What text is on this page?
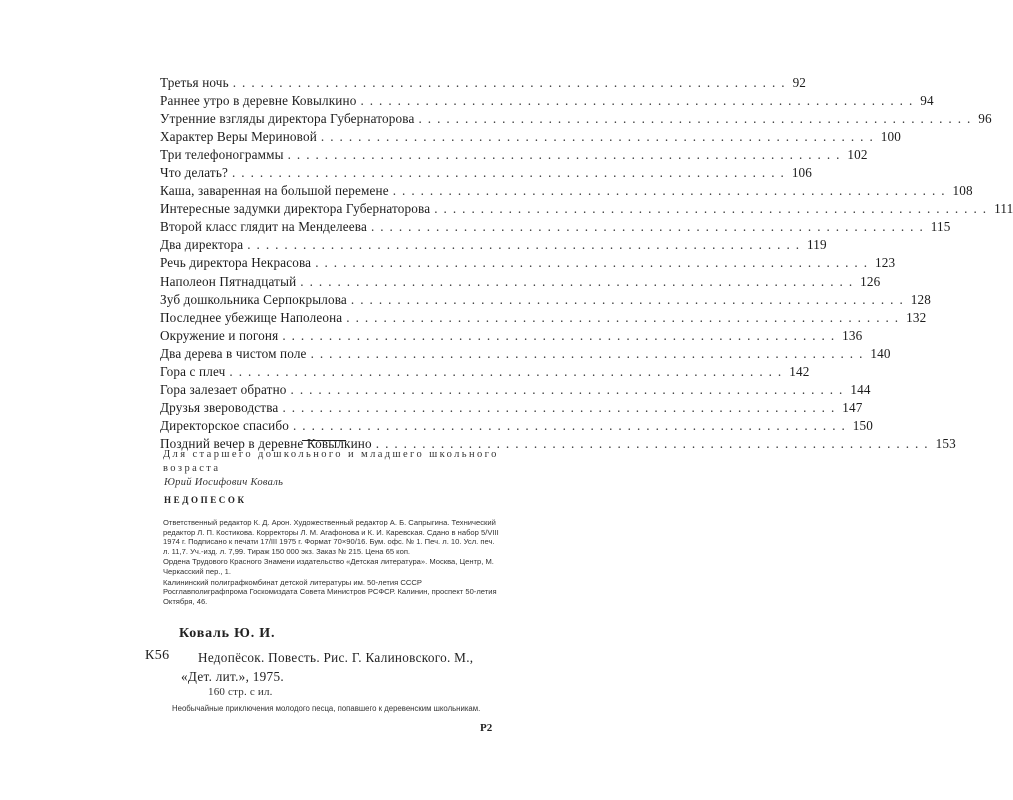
Третья ночь ............................................................ 92
Раннее утро в деревне Ковылкино ............................................................ 94
Утренние взгляды директора Губернаторова ............................................................ 96
Характер Веры Мериновой ............................................................ 100
Три телефонограммы ............................................................ 102
Что делать? ............................................................ 106
Каша, заваренная на большой перемене ............................................................ 108
Интересные задумки директора Губернаторова ............................................................ 111
Второй класс глядит на Менделеева ............................................................ 115
Два директора ............................................................ 119
Речь директора Некрасова ............................................................ 123
Наполеон Пятнадцатый ............................................................ 126
Зуб дошкольника Серпокрылова ............................................................ 128
Последнее убежище Наполеона ............................................................ 132
Окружение и погоня ............................................................ 136
Два дерева в чистом поле ............................................................ 140
Гора с плеч ............................................................ 142
Гора залезает обратно ............................................................ 144
Друзья звероводства ............................................................ 147
Директорское спасибо ............................................................ 150
Поздний вечер в деревне Ковылкино ............................................................ 153
Для старшего дошкольного и младшего школьного возраста
Юрий Иосифович Коваль
НЕДОПЕСОК

Ответственный редактор К. Д. Арон. Художественный редактор А. Б. Сапрыгина. Технический редактор Л. П. Костикова. Корректоры Л. М. Агафонова и К. И. Каревская. Сдано в набор 5/VIII 1974 г. Подписано к печати 17/III 1975 г. Формат 70×90/16. Бум. офс. № 1. Печ. л. 10. Усл. печ. л. 11,7. Уч.-изд. л. 7,99. Тираж 150 000 экз. Заказ № 215. Цена 65 коп.

Ордена Трудового Красного Знамени издательство «Детская литература». Москва, Центр, М. Черкасский пер., 1.

Калининский полиграфкомбинат детской литературы им. 50-летия СССР Росглавполиграфпрома Госкомиздата Совета Министров РСФСР. Калинин, проспект 50-летия Октября, 46.

Коваль Ю. И.
К56 Недопёсок. Повесть. Рис. Г. Калиновского. М.,
«Дет. лит.», 1975.
160 стр. с ил.
Необычайные приключения молодого песца, попавшего к деревенским школьникам.
Р2
